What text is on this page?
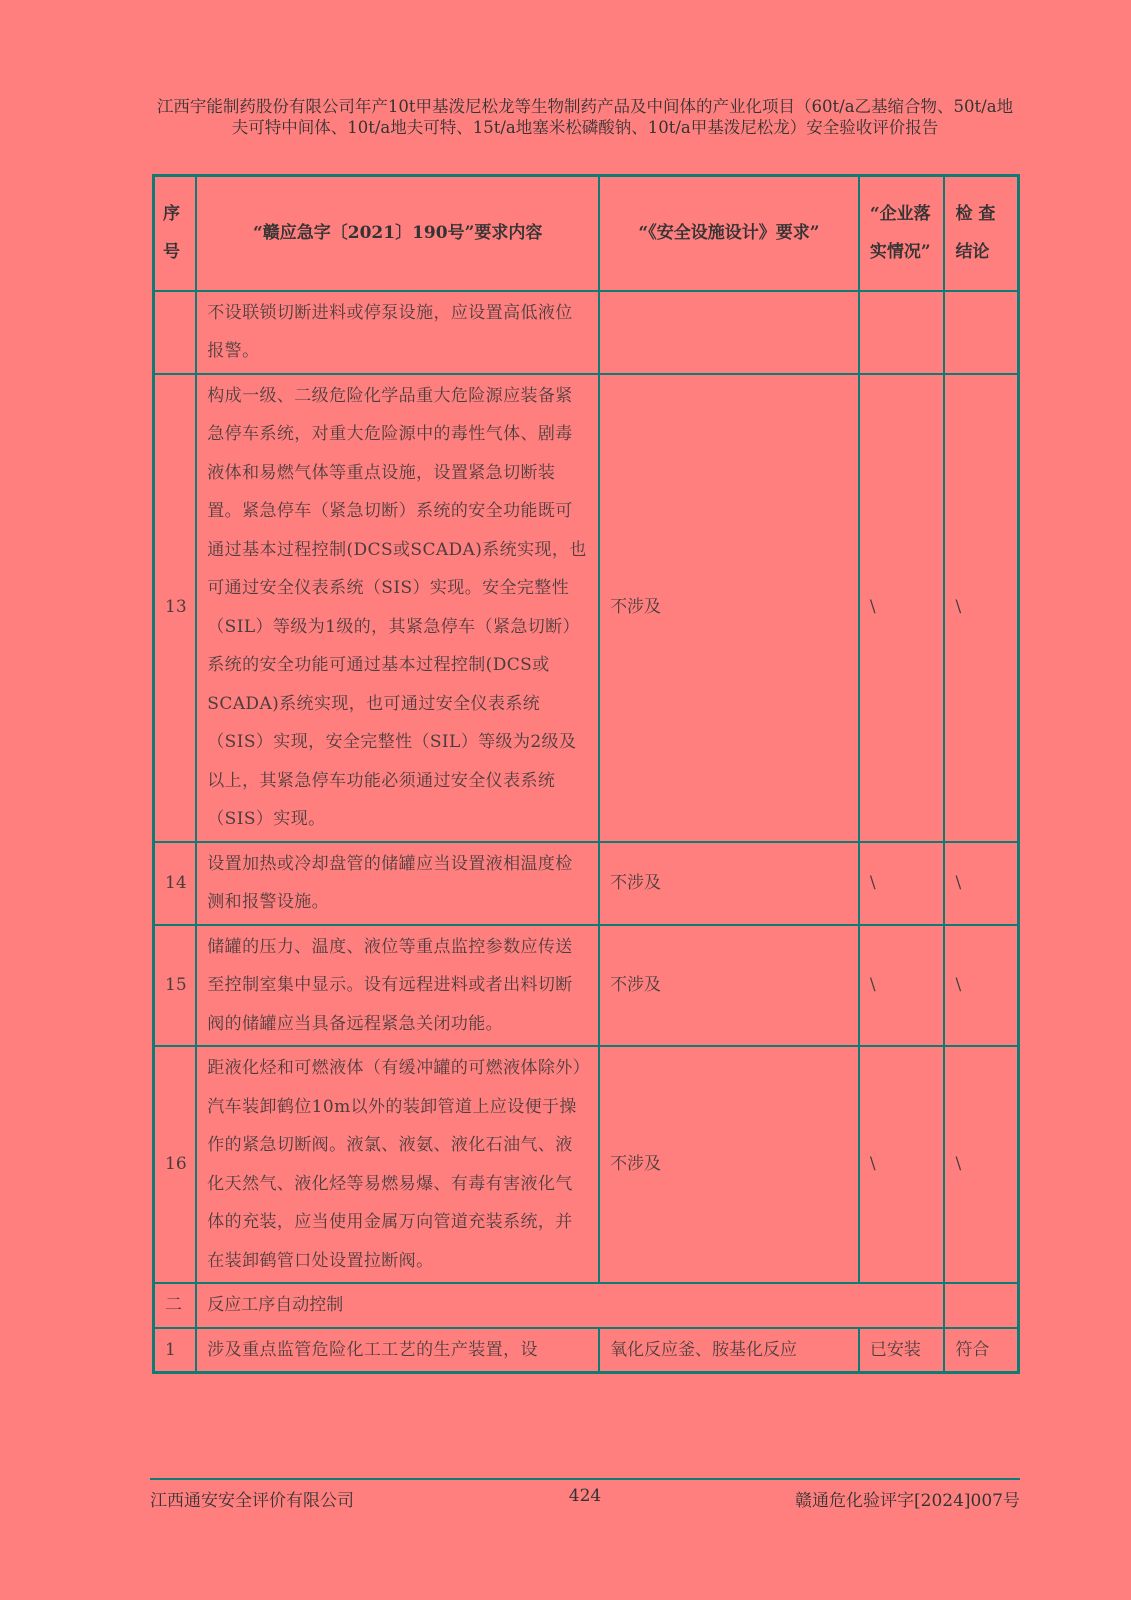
江西宇能制药股份有限公司年产10t甲基泼尼松龙等生物制药产品及中间体的产业化项目（60t/a乙基缩合物、50t/a地夫可特中间体、10t/a地夫可特、15t/a地塞米松磷酸钠、10t/a甲基泼尼松龙）安全验收评价报告
序号	“赣应急字〔2021〕190号”要求内容	“《安全设施设计》要求”	“企业落实情况”	检 查结论
	不设联锁切断进料或停泵设施，应设置高低液位报警。			
13	构成一级、二级危险化学品重大危险源应装备紧急停车系统，对重大危险源中的毒性气体、剧毒液体和易燃气体等重点设施，设置紧急切断装置。紧急停车（紧急切断）系统的安全功能既可通过基本过程控制(DCS或SCADA)系统实现，也可通过安全仪表系统（SIS）实现。安全完整性（SIL）等级为1级的，其紧急停车（紧急切断）系统的安全功能可通过基本过程控制(DCS或SCADA)系统实现，也可通过安全仪表系统（SIS）实现，安全完整性（SIL）等级为2级及以上，其紧急停车功能必须通过安全仪表系统（SIS）实现。	不涉及	\	\
14	设置加热或冷却盘管的储罐应当设置液相温度检测和报警设施。	不涉及	\	\
15	储罐的压力、温度、液位等重点监控参数应传送至控制室集中显示。设有远程进料或者出料切断阀的储罐应当具备远程紧急关闭功能。	不涉及	\	\
16	距液化烃和可燃液体（有缓冲罐的可燃液体除外）汽车装卸鹤位10m以外的装卸管道上应设便于操作的紧急切断阀。液氯、液氨、液化石油气、液化天然气、液化烃等易燃易爆、有毒有害液化气体的充装，应当使用金属万向管道充装系统，并在装卸鹤管口处设置拉断阀。	不涉及	\	\
二	反应工序自动控制			
1	涉及重点监管危险化工工艺的生产装置，设	氧化反应釜、胺基化反应	已安装	符合
江西通安安全评价有限公司	424	赣通危化验评字[2024]007号
